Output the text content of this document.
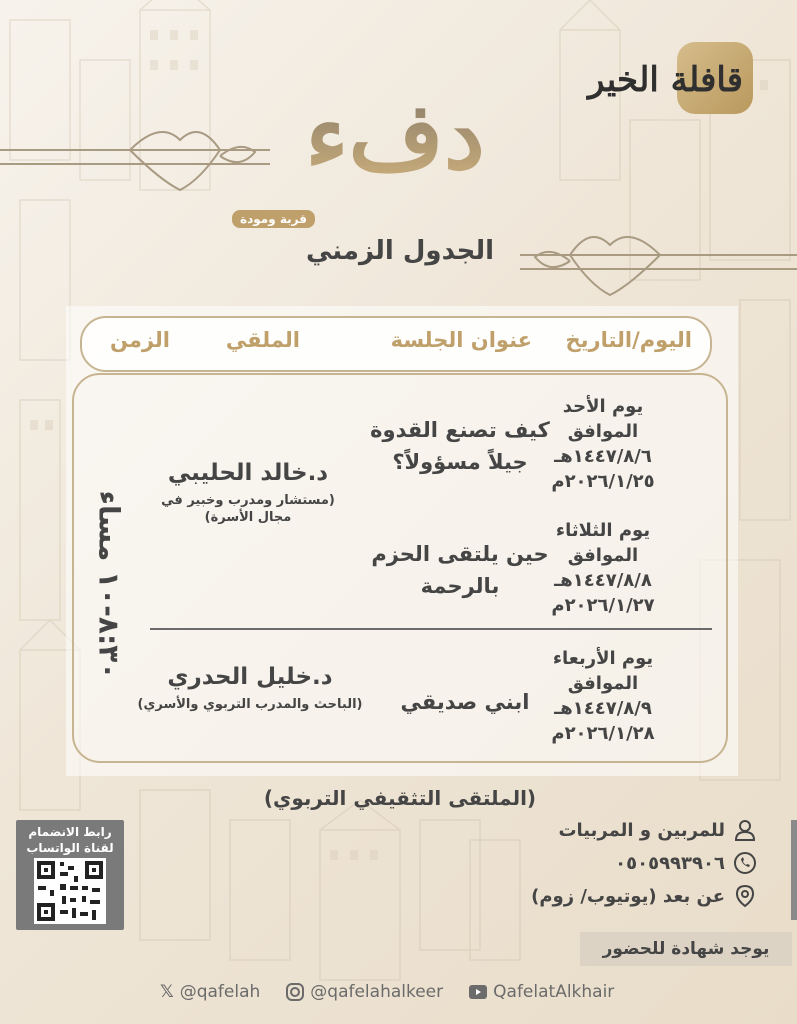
قافلة الخير
دفء
قربة ومودة
الجدول الزمني
اليوم/التاريخ
عنوان الجلسة
الملقي
الزمن
يوم الأحد
الموافق
١٤٤٧/٨/٦هـ
٢٠٢٦/١/٢٥م
يوم الثلاثاء
الموافق
١٤٤٧/٨/٨هـ
٢٠٢٦/١/٢٧م
يوم الأربعاء
الموافق
١٤٤٧/٨/٩هـ
٢٠٢٦/١/٢٨م
كيف تصنع القدوة جيلاً مسؤولاً؟
حين يلتقى الحزم بالرحمة
ابني صديقي
د.خالد الحليبي
(مستشار ومدرب وخبير في مجال الأسرة)
د.خليل الحدري
(الباحث والمدرب التربوي والأسري)
٨:٣٠-١٠ مساء
(الملتقى التثقيفي التربوي)
رابط الانضمام
لقناة الواتساب
للمربين و المربيات
٠٥٠٥٩٩٣٩٠٦
عن بعد (يوتيوب/ زوم)
يوجد شهادة للحضور
𝕏 @qafelah	@qafelahalkeer	QafelatAlkhair
